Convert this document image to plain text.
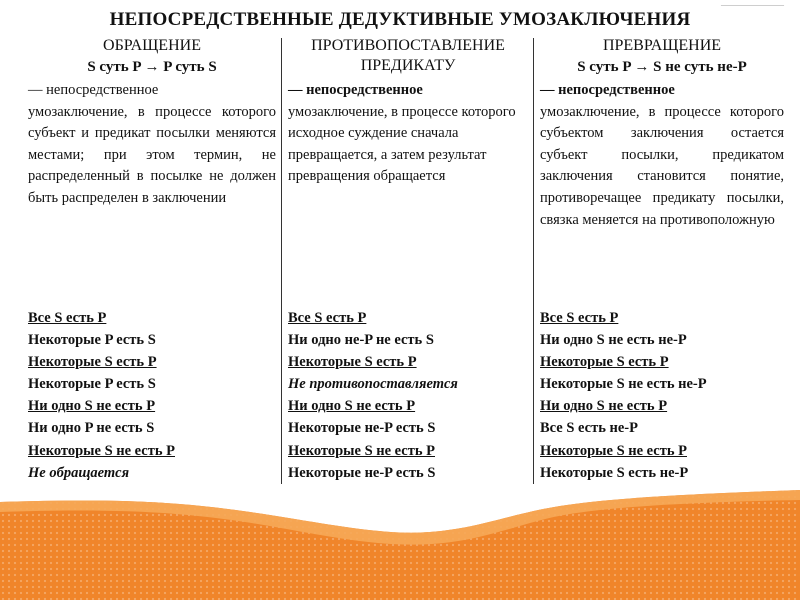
———————
НЕПОСРЕДСТВЕННЫЕ ДЕДУКТИВНЫЕ УМОЗАКЛЮЧЕНИЯ
ОБРАЩЕНИЕ
S суть P → P суть S
— непосредственное
умозаключение, в процессе которого субъект и предикат посылки меняются местами; при этом термин, не распределенный в посылке не должен быть распределен в заключении
Все S есть P
Некоторые P есть S
Некоторые S есть P
Некоторые P есть S
Ни одно S не есть P
Ни одно P не есть S
Некоторые S не есть P
Не обращается
ПРОТИВОПОСТАВЛЕНИЕ ПРЕДИКАТУ
— непосредственное
умозаключение, в процессе которого исходное суждение сначала превращается, а затем результат превращения обращается
Все S есть P
Ни одно не-P не есть S
Некоторые S есть P
Не противопоставляется
Ни одно S не есть P
Некоторые не-P есть S
Некоторые S не есть P
Некоторые не-P есть S
ПРЕВРАЩЕНИЕ
S суть P → S не суть не-P
— непосредственное
умозаключение, в процессе которого субъектом заключения остается субъект посылки, предикатом заключения становится понятие, противоречащее предикату посылки, связка меняется на противоположную
Все S есть P
Ни одно S не есть не-P
Некоторые S есть P
Некоторые S не есть не-P
Ни одно S не есть P
Все S есть не-P
Некоторые S не есть P
Некоторые S есть не-P
